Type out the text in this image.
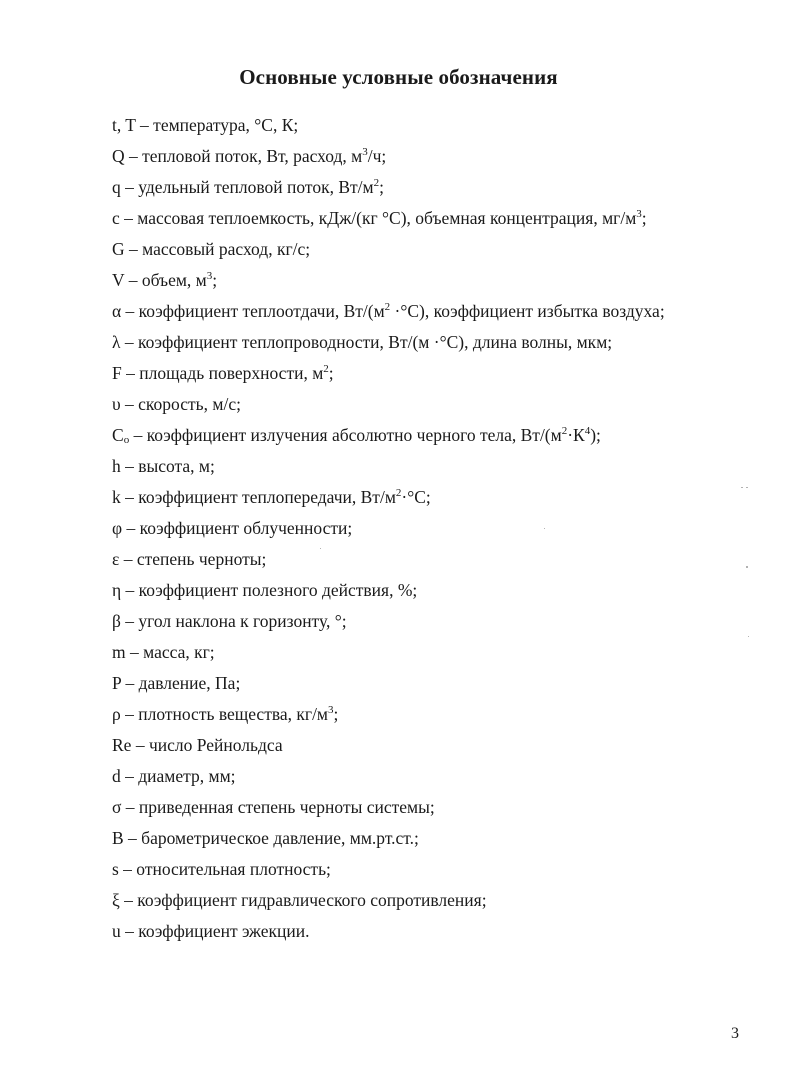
Основные условные обозначения
t, T – температура, °С, К;
Q – тепловой поток, Вт, расход, $м^3/ч$;
q – удельный тепловой поток, $Вт/м^2$;
c – массовая теплоемкость, кДж/(кг °С), объемная концентрация, $мг/м^3$;
G – массовый расход, кг/с;
V – объем, $м^3$;
α – коэффициент теплоотдачи, $Вт/(м^2 \cdot^\circ С)$, коэффициент избытка воздуха;
λ – коэффициент теплопроводности, Вт/(м ·°С), длина волны, мкм;
F – площадь поверхности, $м^2$;
υ – скорость, м/с;
$C_o$ – коэффициент излучения абсолютно черного тела, $Вт/(м^2\cdot К^4)$;
h – высота, м;
k – коэффициент теплопередачи, $Вт/м^2\cdot^\circ С$;
φ – коэффициент облученности;
ε – степень черноты;
η – коэффициент полезного действия, %;
β – угол наклона к горизонту, °;
m – масса, кг;
P – давление, Па;
ρ – плотность вещества, $кг/м^3$;
Re – число Рейнольдса
d – диаметр, мм;
σ – приведенная степень черноты системы;
B – барометрическое давление, мм.рт.ст.;
s – относительная плотность;
ξ – коэффициент гидравлического сопротивления;
u – коэффициент эжекции.
3
